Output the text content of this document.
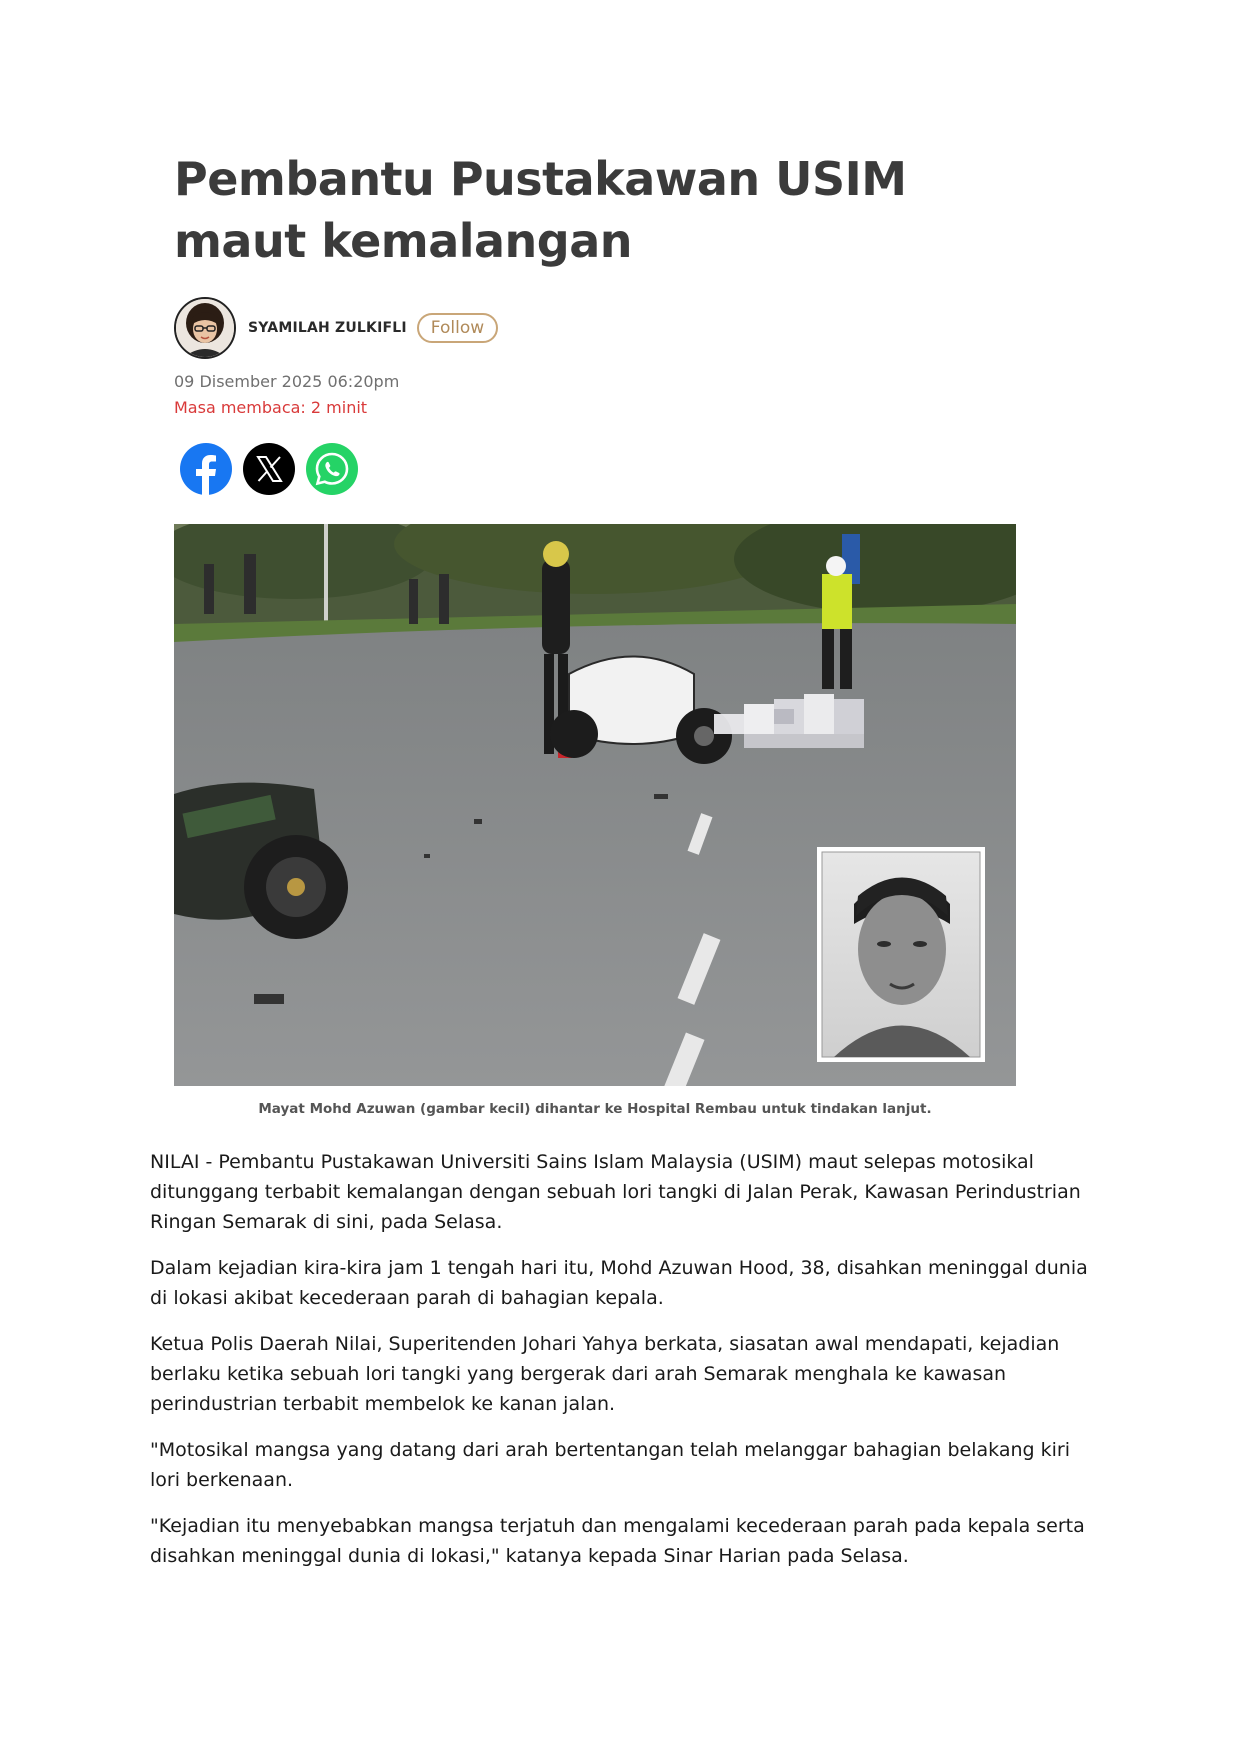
Pembantu Pustakawan USIM maut kemalangan
SYAMILAH ZULKIFLI	Follow
09 Disember 2025 06:20pm
Masa membaca: 2 minit
Mayat Mohd Azuwan (gambar kecil) dihantar ke Hospital Rembau untuk tindakan lanjut.

NILAI - Pembantu Pustakawan Universiti Sains Islam Malaysia (USIM) maut selepas motosikal ditunggang terbabit kemalangan dengan sebuah lori tangki di Jalan Perak, Kawasan Perindustrian Ringan Semarak di sini, pada Selasa.

Dalam kejadian kira-kira jam 1 tengah hari itu, Mohd Azuwan Hood, 38, disahkan meninggal dunia di lokasi akibat kecederaan parah di bahagian kepala.

Ketua Polis Daerah Nilai, Superitenden Johari Yahya berkata, siasatan awal mendapati, kejadian berlaku ketika sebuah lori tangki yang bergerak dari arah Semarak menghala ke kawasan perindustrian terbabit membelok ke kanan jalan.

"Motosikal mangsa yang datang dari arah bertentangan telah melanggar bahagian belakang kiri lori berkenaan.

"Kejadian itu menyebabkan mangsa terjatuh dan mengalami kecederaan parah pada kepala serta disahkan meninggal dunia di lokasi," katanya kepada Sinar Harian pada Selasa.
